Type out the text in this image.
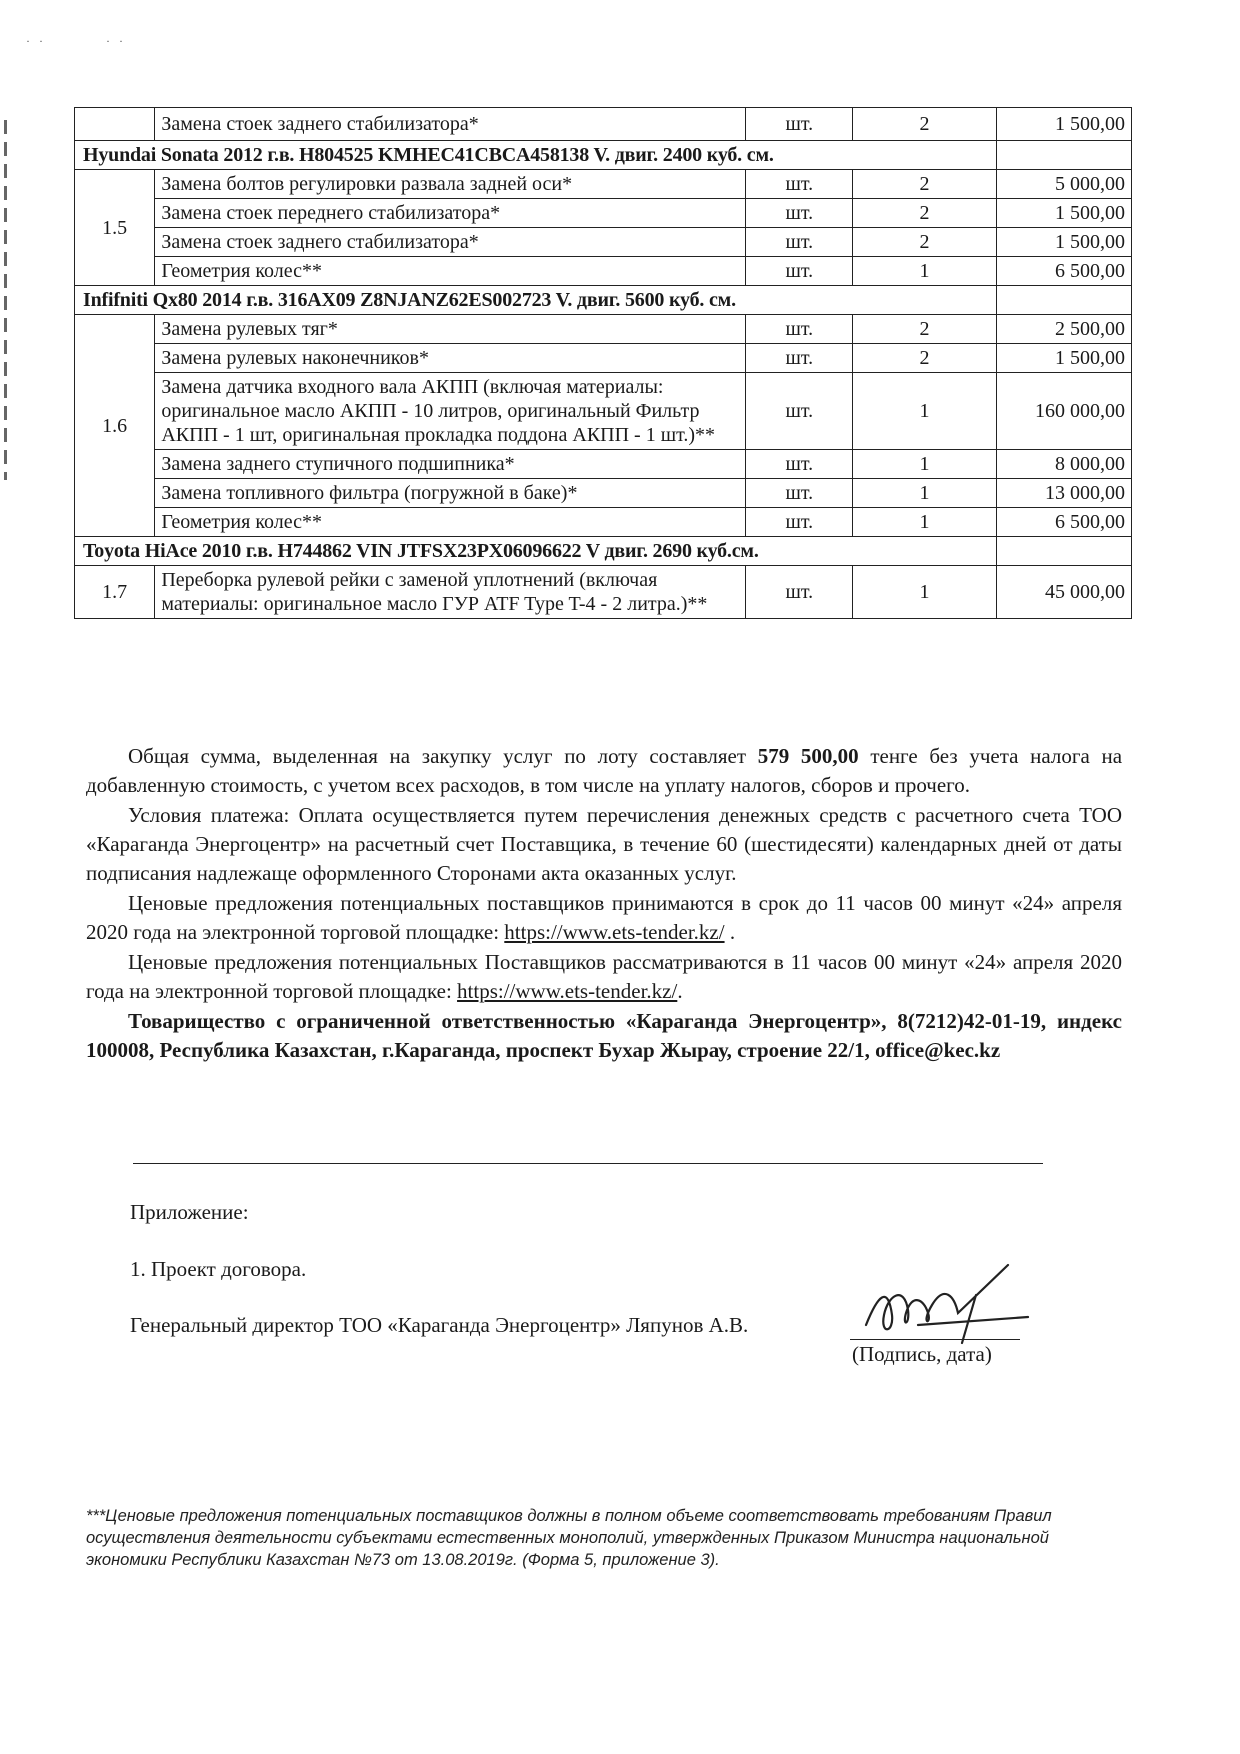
· ·          · ·
	Замена стоек заднего стабилизатора*	шт.	2	1 500,00
Hyundai Sonata 2012 г.в. H804525 KMHEC41CBCA458138 V. двиг. 2400 куб. см.				
1.5	Замена болтов регулировки развала задней оси*	шт.	2	5 000,00
	Замена стоек переднего стабилизатора*	шт.	2	1 500,00
	Замена стоек заднего стабилизатора*	шт.	2	1 500,00
	Геометрия колес**	шт.	1	6 500,00
Infifniti Qx80 2014 г.в. 316AX09 Z8NJANZ62ES002723 V. двиг. 5600 куб. см.				
1.6	Замена рулевых тяг*	шт.	2	2 500,00
	Замена рулевых наконечников*	шт.	2	1 500,00
	Замена датчика входного вала АКПП (включая материалы: оригинальное масло АКПП - 10 литров, оригинальный Фильтр АКПП - 1 шт, оригинальная прокладка поддона АКПП - 1 шт.)**	шт.	1	160 000,00
	Замена заднего ступичного подшипника*	шт.	1	8 000,00
	Замена топливного фильтра (погружной в баке)*	шт.	1	13 000,00
	Геометрия колес**	шт.	1	6 500,00
Toyota HiAce 2010 г.в. H744862 VIN JTFSX23PX06096622 V двиг. 2690 куб.см.				
1.7	Переборка рулевой рейки с заменой уплотнений (включая материалы: оригинальное масло ГУР ATF Type T-4 - 2 литра.)**	шт.	1	45 000,00

Общая сумма, выделенная на закупку услуг по лоту составляет 579 500,00 тенге без учета налога на добавленную стоимость, с учетом всех расходов, в том числе на уплату налогов, сборов и прочего.

Условия платежа: Оплата осуществляется путем перечисления денежных средств с расчетного счета ТОО «Караганда Энергоцентр» на расчетный счет Поставщика, в течение 60 (шестидесяти) календарных дней от даты подписания надлежаще оформленного Сторонами акта оказанных услуг.

Ценовые предложения потенциальных поставщиков принимаются в срок до 11 часов 00 минут «24» апреля 2020 года на электронной торговой площадке: https://www.ets-tender.kz/ .

Ценовые предложения потенциальных Поставщиков рассматриваются в 11 часов 00 минут «24» апреля 2020 года на электронной торговой площадке: https://www.ets-tender.kz/.

Товарищество с ограниченной ответственностью «Караганда Энергоцентр», 8(7212)42-01-19, индекс 100008, Республика Казахстан, г.Караганда, проспект Бухар Жырау, строение 22/1, office@kec.kz

Приложение:
1. Проект договора.
Генеральный директор ТОО «Караганда Энергоцентр» Ляпунов А.В.
(Подпись, дата)
***Ценовые предложения потенциальных поставщиков должны в полном объеме соответствовать требованиям Правил осуществления деятельности субъектами естественных монополий, утвержденных Приказом Министра национальной экономики Республики Казахстан №73 от 13.08.2019г. (Форма 5, приложение 3).
